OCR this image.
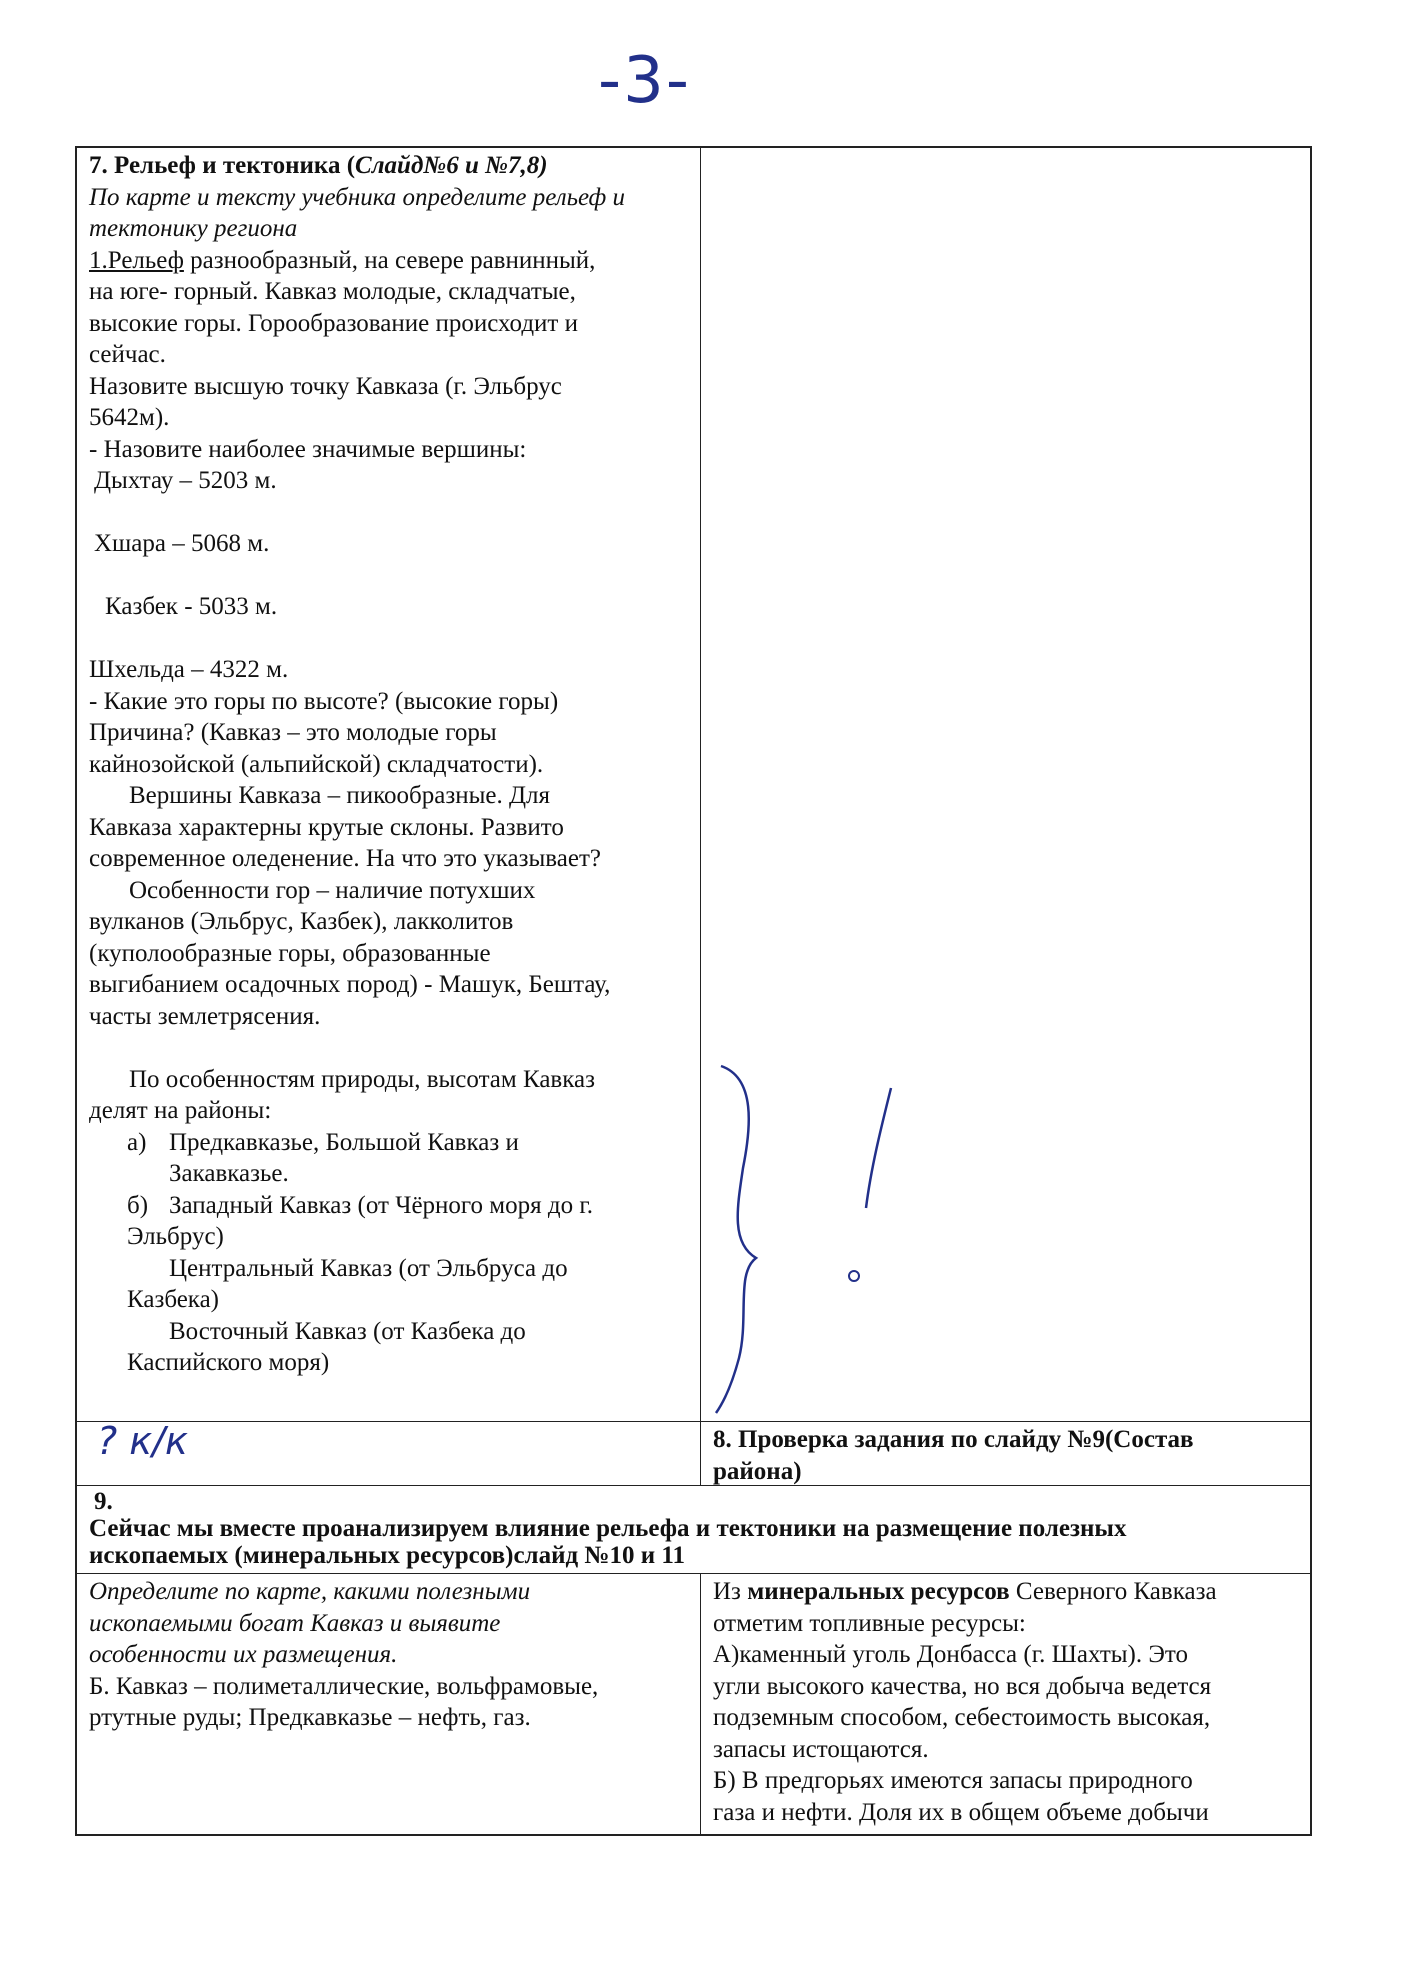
-3-
7. Рельеф и тектоника (Слайд№6 и №7,8)
По карте и тексту учебника определите рельеф и тектонику региона
1.Рельеф разнообразный, на севере равнинный,
на юге- горный. Кавказ молодые, складчатые,
высокие горы. Горообразование происходит и
сейчас.
Назовите высшую точку Кавказа (г. Эльбрус
5642м).
- Назовите наиболее значимые вершины:
Дыхтау – 5203 м.
Хшара – 5068 м.
Казбек - 5033 м.
Шхельда – 4322 м.
- Какие это горы по высоте? (высокие горы)
Причина? (Кавказ – это молодые горы
кайнозойской (альпийской) складчатости).
Вершины Кавказа – пикообразные. Для
Кавказа характерны крутые склоны. Развито
современное оледенение. На что это указывает?
Особенности гор – наличие потухших
вулканов (Эльбрус, Казбек), лакколитов
(куполообразные горы, образованные
выгибанием осадочных пород) - Машук, Бештау,
часты землетрясения.
По особенностям природы, высотам Кавказ
делят на районы:
а) Предкавказье, Большой Кавказ и
Закавказье.
б) Западный Кавказ (от Чёрного моря до г.
Эльбрус)
Центральный Кавказ (от Эльбруса до
Казбека)
Восточный Кавказ (от Казбека до
Каспийского моря)
? к/к	8. Проверка задания по слайду №9(Состав
района)
9.
Сейчас мы вместе проанализируем влияние рельефа и тектоники на размещение полезных
ископаемых (минеральных ресурсов)слайд №10 и 11
Определите по карте, какими полезными
ископаемыми богат Кавказ и выявите
особенности их размещения.
Б. Кавказ – полиметаллические, вольфрамовые,
ртутные руды; Предкавказье – нефть, газ.
Из минеральных ресурсов Северного Кавказа
отметим топливные ресурсы:
А)каменный уголь Донбасса (г. Шахты). Это
угли высокого качества, но вся добыча ведется
подземным способом, себестоимость высокая,
запасы истощаются.
Б) В предгорьях имеются запасы природного
газа и нефти. Доля их в общем объеме добычи
